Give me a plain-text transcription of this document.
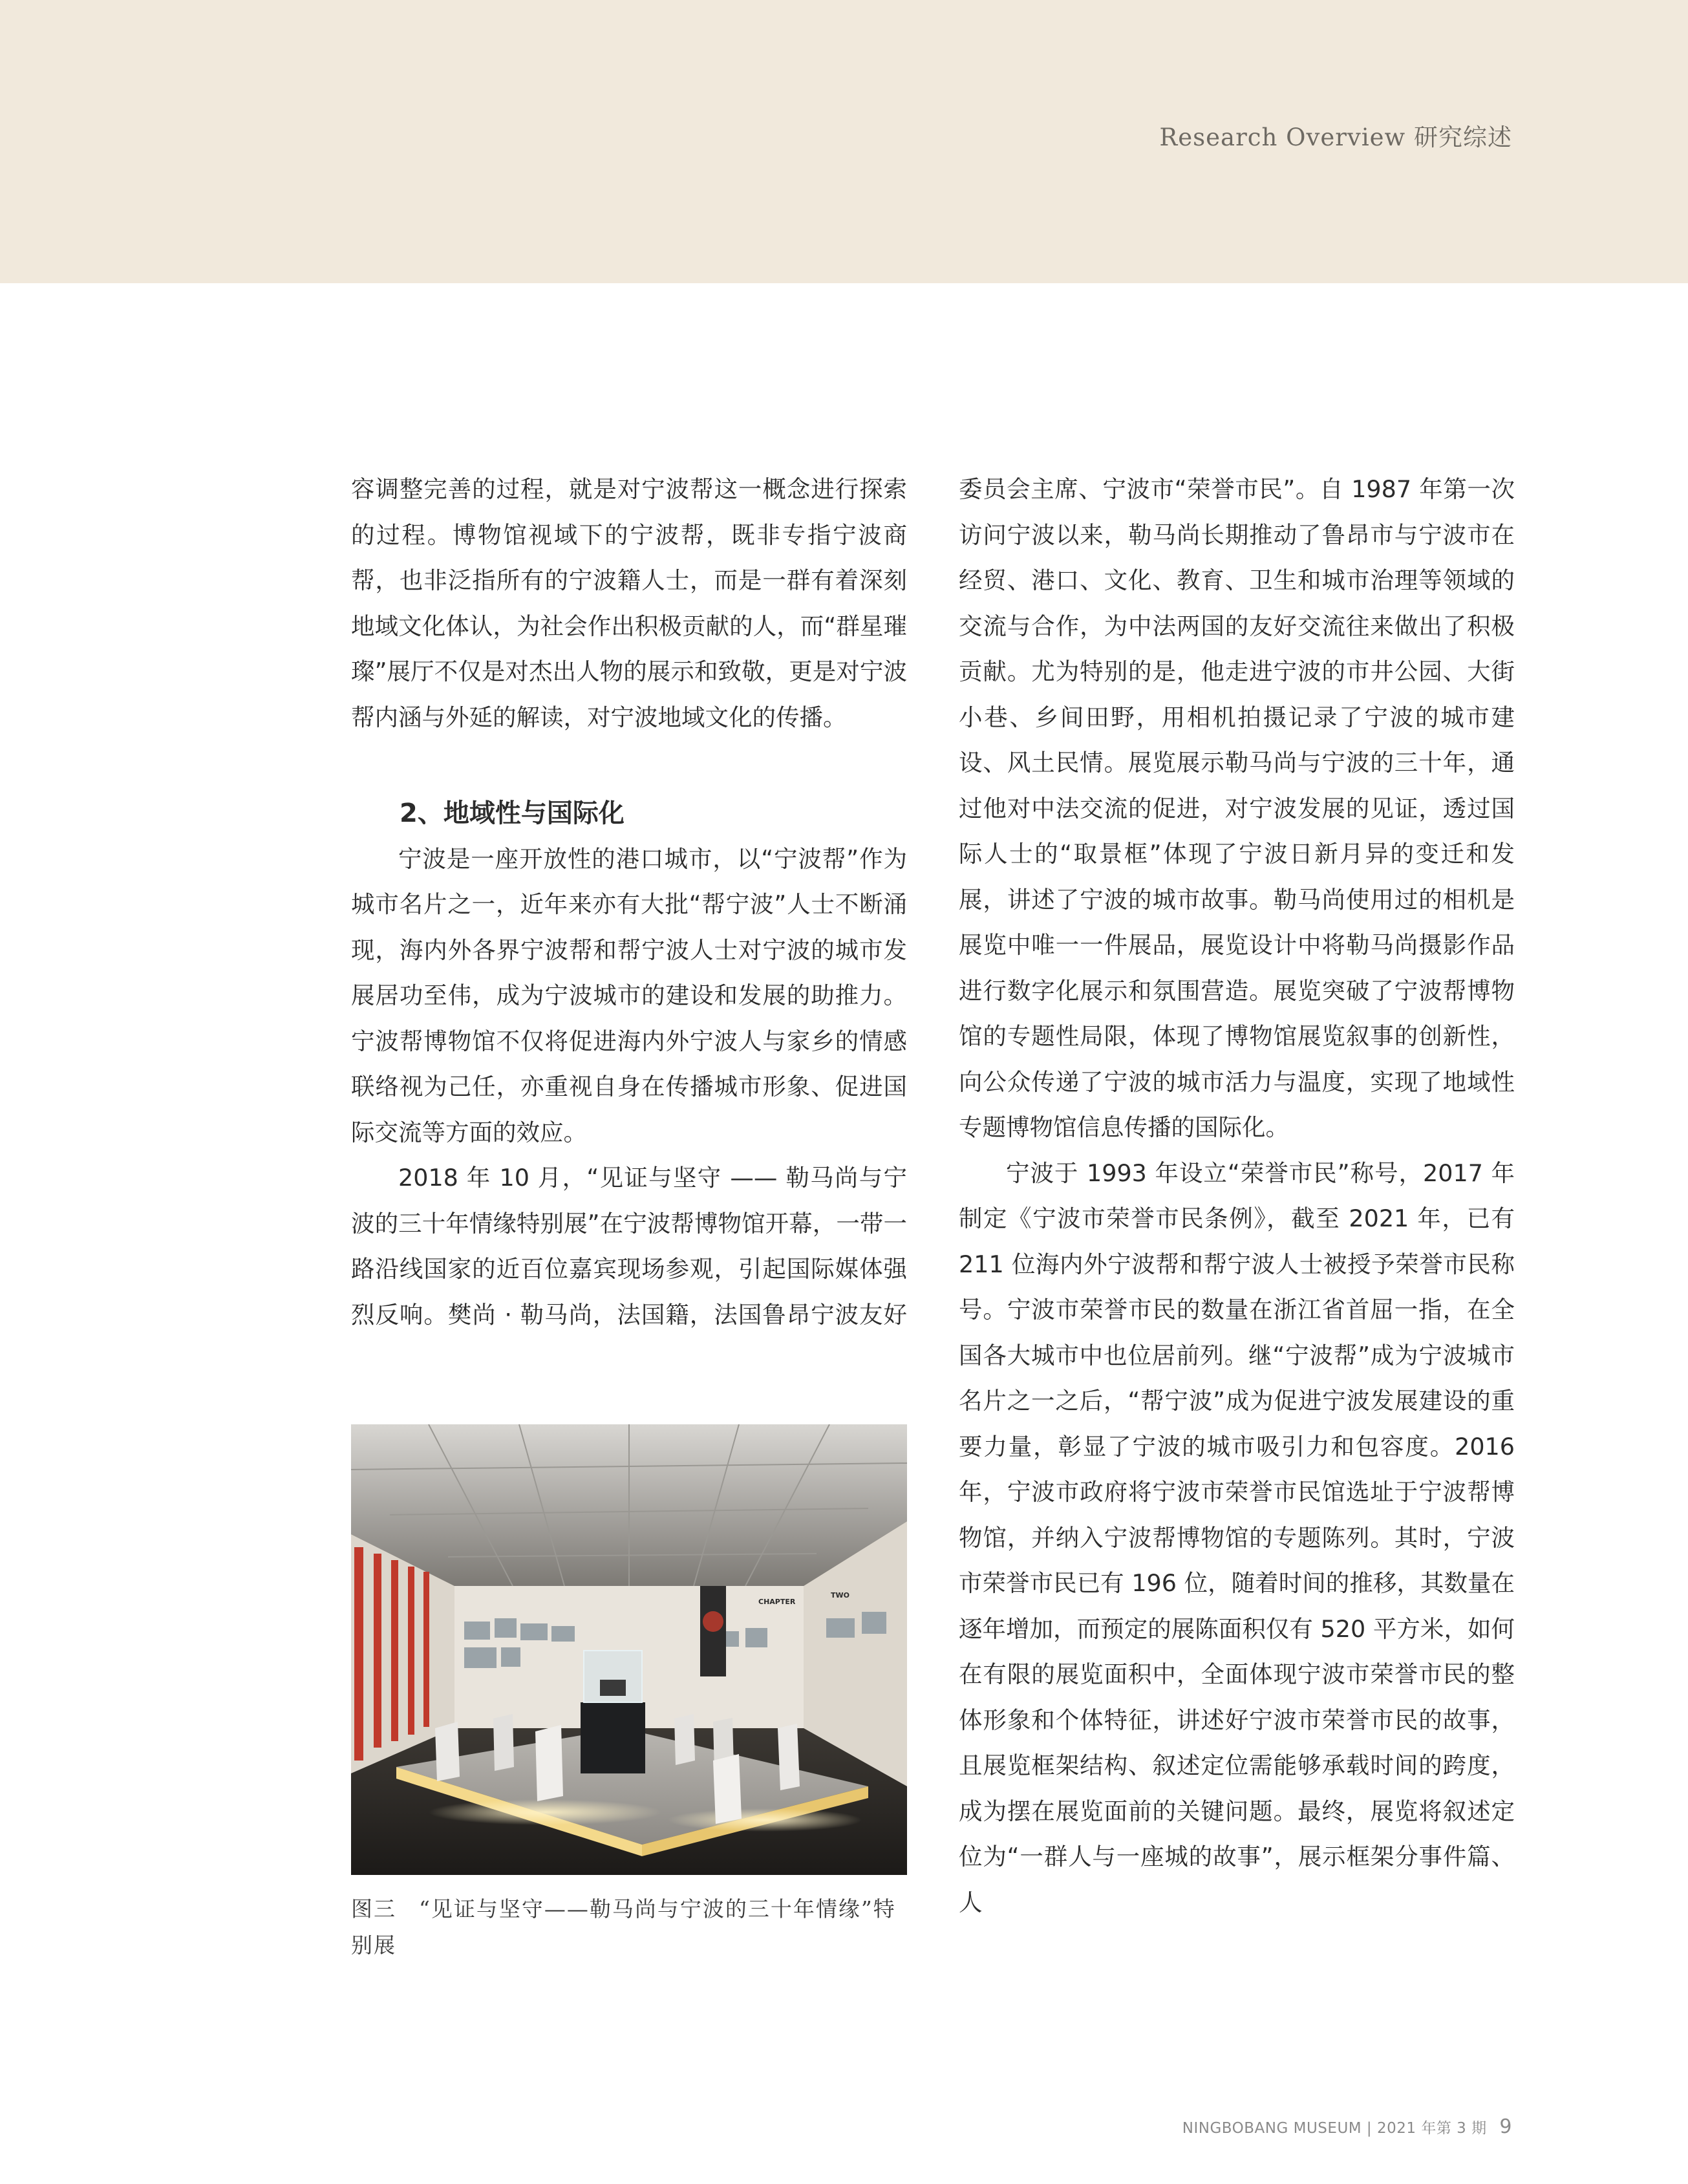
Research Overview 研究综述

容调整完善的过程，就是对宁波帮这一概念进行探索的过程。博物馆视域下的宁波帮，既非专指宁波商帮，也非泛指所有的宁波籍人士，而是一群有着深刻地域文化体认，为社会作出积极贡献的人，而“群星璀璨”展厅不仅是对杰出人物的展示和致敬，更是对宁波帮内涵与外延的解读，对宁波地域文化的传播。

2、地域性与国际化

宁波是一座开放性的港口城市，以“宁波帮”作为城市名片之一，近年来亦有大批“帮宁波”人士不断涌现，海内外各界宁波帮和帮宁波人士对宁波的城市发展居功至伟，成为宁波城市的建设和发展的助推力。宁波帮博物馆不仅将促进海内外宁波人与家乡的情感联络视为己任，亦重视自身在传播城市形象、促进国际交流等方面的效应。

2018 年 10 月，“见证与坚守 —— 勒马尚与宁波的三十年情缘特别展”在宁波帮博物馆开幕，一带一路沿线国家的近百位嘉宾现场参观，引起国际媒体强烈反响。樊尚 · 勒马尚，法国籍，法国鲁昂宁波友好

CHAPTER
TWO
图三　“见证与坚守——勒马尚与宁波的三十年情缘”特别展

委员会主席、宁波市“荣誉市民”。自 1987 年第一次访问宁波以来，勒马尚长期推动了鲁昂市与宁波市在经贸、港口、文化、教育、卫生和城市治理等领域的交流与合作，为中法两国的友好交流往来做出了积极贡献。尤为特别的是，他走进宁波的市井公园、大街小巷、乡间田野，用相机拍摄记录了宁波的城市建设、风土民情。展览展示勒马尚与宁波的三十年，通过他对中法交流的促进，对宁波发展的见证，透过国际人士的“取景框”体现了宁波日新月异的变迁和发展，讲述了宁波的城市故事。勒马尚使用过的相机是展览中唯一一件展品，展览设计中将勒马尚摄影作品进行数字化展示和氛围营造。展览突破了宁波帮博物馆的专题性局限，体现了博物馆展览叙事的创新性，向公众传递了宁波的城市活力与温度，实现了地域性专题博物馆信息传播的国际化。

宁波于 1993 年设立“荣誉市民”称号，2017 年制定《宁波市荣誉市民条例》，截至 2021 年，已有 211 位海内外宁波帮和帮宁波人士被授予荣誉市民称号。宁波市荣誉市民的数量在浙江省首屈一指，在全国各大城市中也位居前列。继“宁波帮”成为宁波城市名片之一之后，“帮宁波”成为促进宁波发展建设的重要力量，彰显了宁波的城市吸引力和包容度。2016 年，宁波市政府将宁波市荣誉市民馆选址于宁波帮博物馆，并纳入宁波帮博物馆的专题陈列。其时，宁波市荣誉市民已有 196 位，随着时间的推移，其数量在逐年增加，而预定的展陈面积仅有 520 平方米，如何在有限的展览面积中，全面体现宁波市荣誉市民的整体形象和个体特征，讲述好宁波市荣誉市民的故事，且展览框架结构、叙述定位需能够承载时间的跨度，成为摆在展览面前的关键问题。最终，展览将叙述定位为“一群人与一座城的故事”，展示框架分事件篇、人

NINGBOBANG MUSEUM | 2021 年第 3 期 9
